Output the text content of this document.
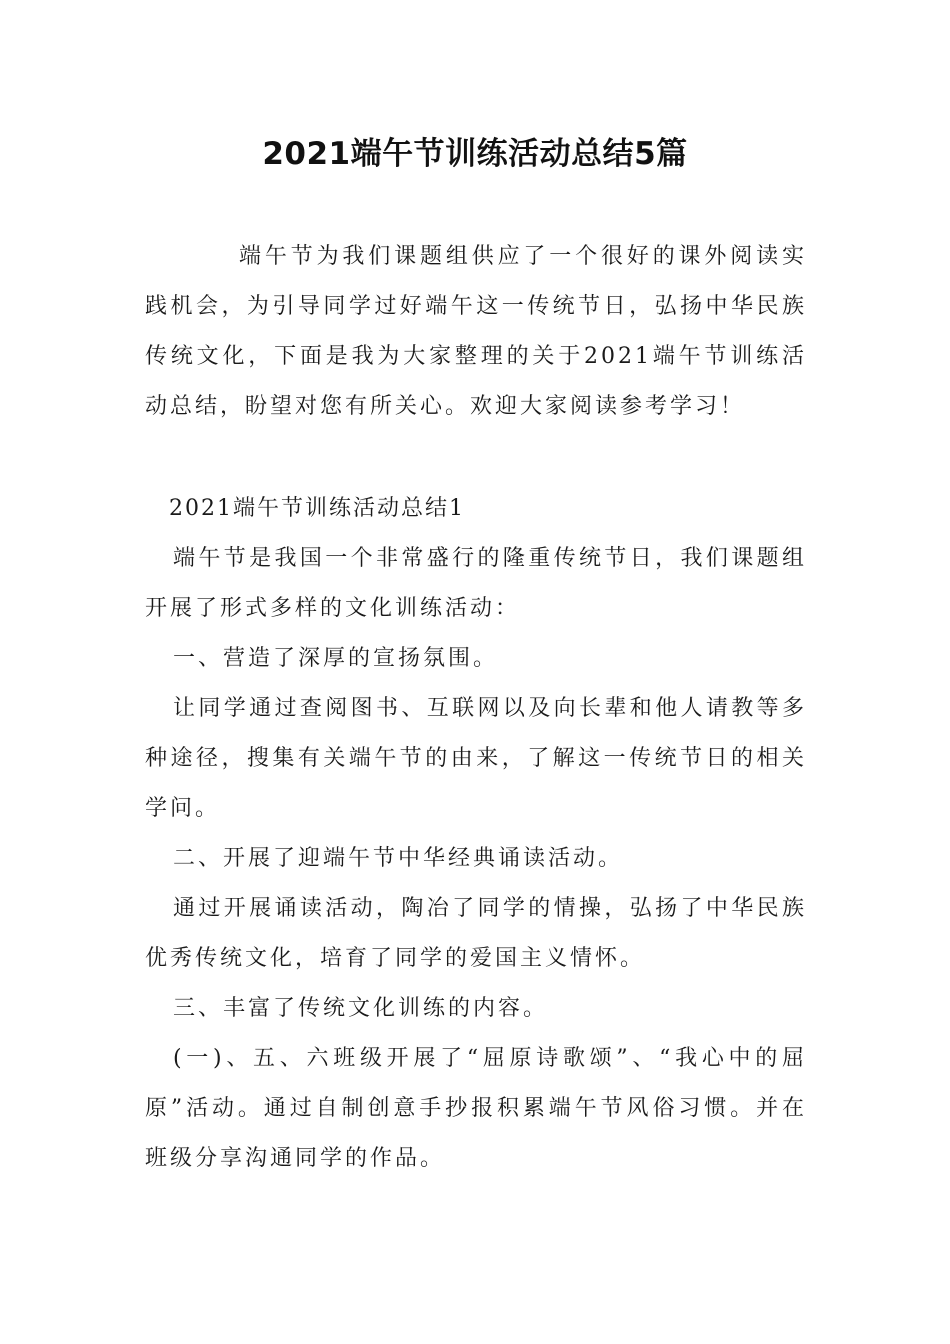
2021端午节训练活动总结5篇

端午节为我们课题组供应了一个很好的课外阅读实践机会，为引导同学过好端午这一传统节日，弘扬中华民族传统文化，下面是我为大家整理的关于2021端午节训练活动总结，盼望对您有所关心。欢迎大家阅读参考学习！

2021端午节训练活动总结1

端午节是我国一个非常盛行的隆重传统节日，我们课题组开展了形式多样的文化训练活动：

一、营造了深厚的宣扬氛围。

让同学通过查阅图书、互联网以及向长辈和他人请教等多种途径，搜集有关端午节的由来，了解这一传统节日的相关学问。

二、开展了迎端午节中华经典诵读活动。

通过开展诵读活动，陶冶了同学的情操，弘扬了中华民族优秀传统文化，培育了同学的爱国主义情怀。

三、丰富了传统文化训练的内容。

(一)、五、六班级开展了“屈原诗歌颂”、“我心中的屈原”活动。通过自制创意手抄报积累端午节风俗习惯。并在班级分享沟通同学的作品。
